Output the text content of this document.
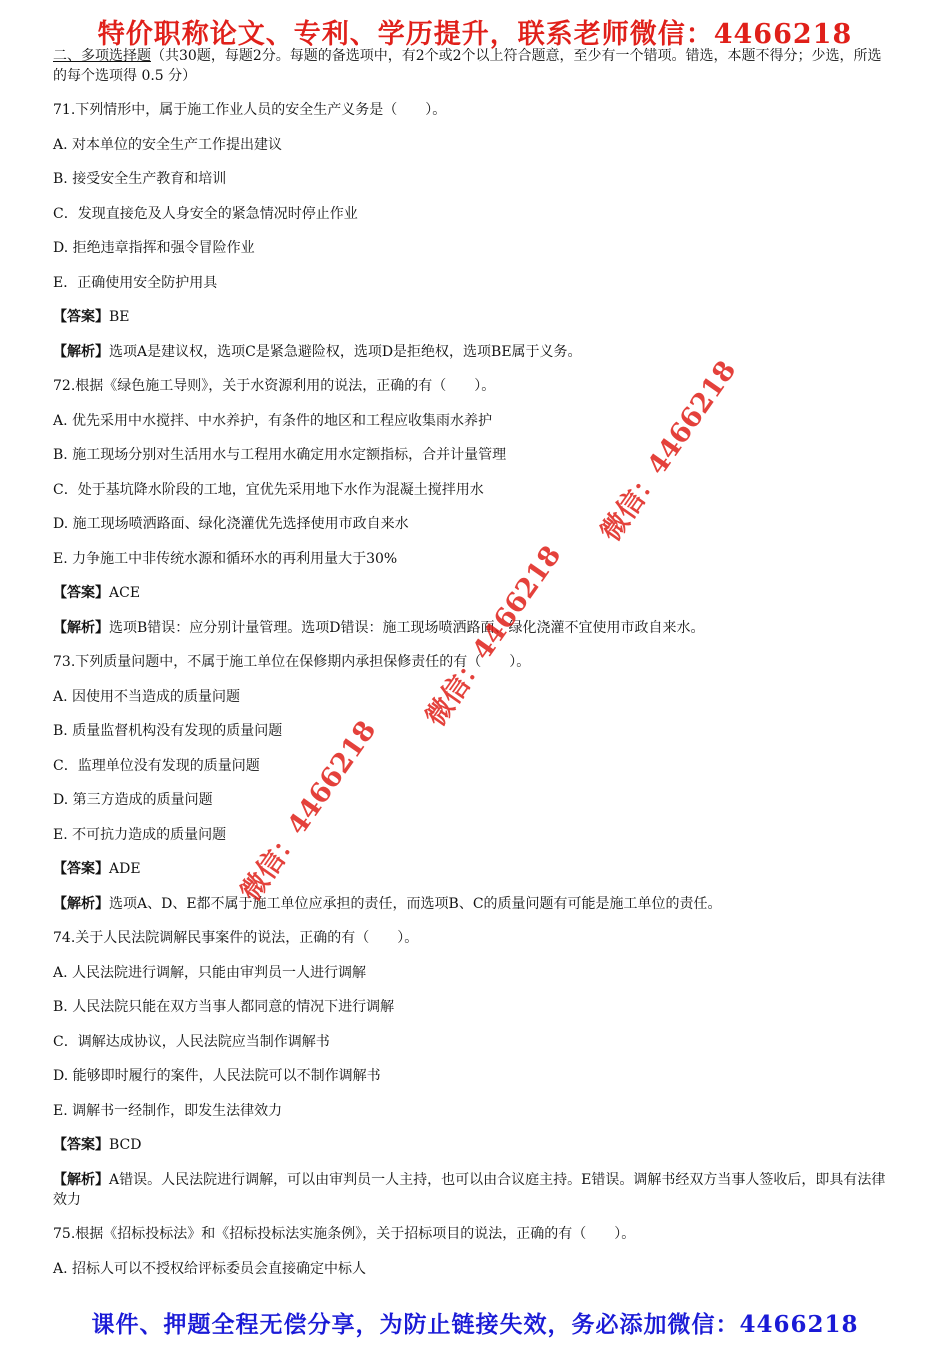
特价职称论文、专利、学历提升，联系老师微信：4466218
二、多项选择题（共30题，每题2分。每题的备选项中，有2个或2个以上符合题意，至少有一个错项。错选，本题不得分；少选，所选的每个选项得 0.5 分）
71.下列情形中，属于施工作业人员的安全生产义务是（　　）。
A. 对本单位的安全生产工作提出建议
B. 接受安全生产教育和培训
C．发现直接危及人身安全的紧急情况时停止作业
D. 拒绝违章指挥和强令冒险作业
E．正确使用安全防护用具
【答案】BE
【解析】选项A是建议权，选项C是紧急避险权，选项D是拒绝权，选项BE属于义务。
72.根据《绿色施工导则》，关于水资源利用的说法，正确的有（　　）。
A. 优先采用中水搅拌、中水养护，有条件的地区和工程应收集雨水养护
B. 施工现场分别对生活用水与工程用水确定用水定额指标，合并计量管理
C．处于基坑降水阶段的工地，宜优先采用地下水作为混凝土搅拌用水
D. 施工现场喷洒路面、绿化浇灌优先选择使用市政自来水
E. 力争施工中非传统水源和循环水的再利用量大于30%
【答案】ACE
【解析】选项B错误：应分别计量管理。选项D错误：施工现场喷洒路面、绿化浇灌不宜使用市政自来水。
73.下列质量问题中，不属于施工单位在保修期内承担保修责任的有（　　）。
A. 因使用不当造成的质量问题
B. 质量监督机构没有发现的质量问题
C．监理单位没有发现的质量问题
D. 第三方造成的质量问题
E. 不可抗力造成的质量问题
【答案】ADE
【解析】选项A、D、E都不属于施工单位应承担的责任，而选项B、C的质量问题有可能是施工单位的责任。
74.关于人民法院调解民事案件的说法，正确的有（　　）。
A. 人民法院进行调解，只能由审判员一人进行调解
B. 人民法院只能在双方当事人都同意的情况下进行调解
C．调解达成协议，人民法院应当制作调解书
D. 能够即时履行的案件，人民法院可以不制作调解书
E. 调解书一经制作，即发生法律效力
【答案】BCD
【解析】A错误。人民法院进行调解，可以由审判员一人主持，也可以由合议庭主持。E错误。调解书经双方当事人签收后，即具有法律效力
75.根据《招标投标法》和《招标投标法实施条例》，关于招标项目的说法，正确的有（　　）。
A. 招标人可以不授权给评标委员会直接确定中标人
微信：4466218
微信：4466218
微信：4466218
课件、押题全程无偿分享，为防止链接失效，务必添加微信：4466218
